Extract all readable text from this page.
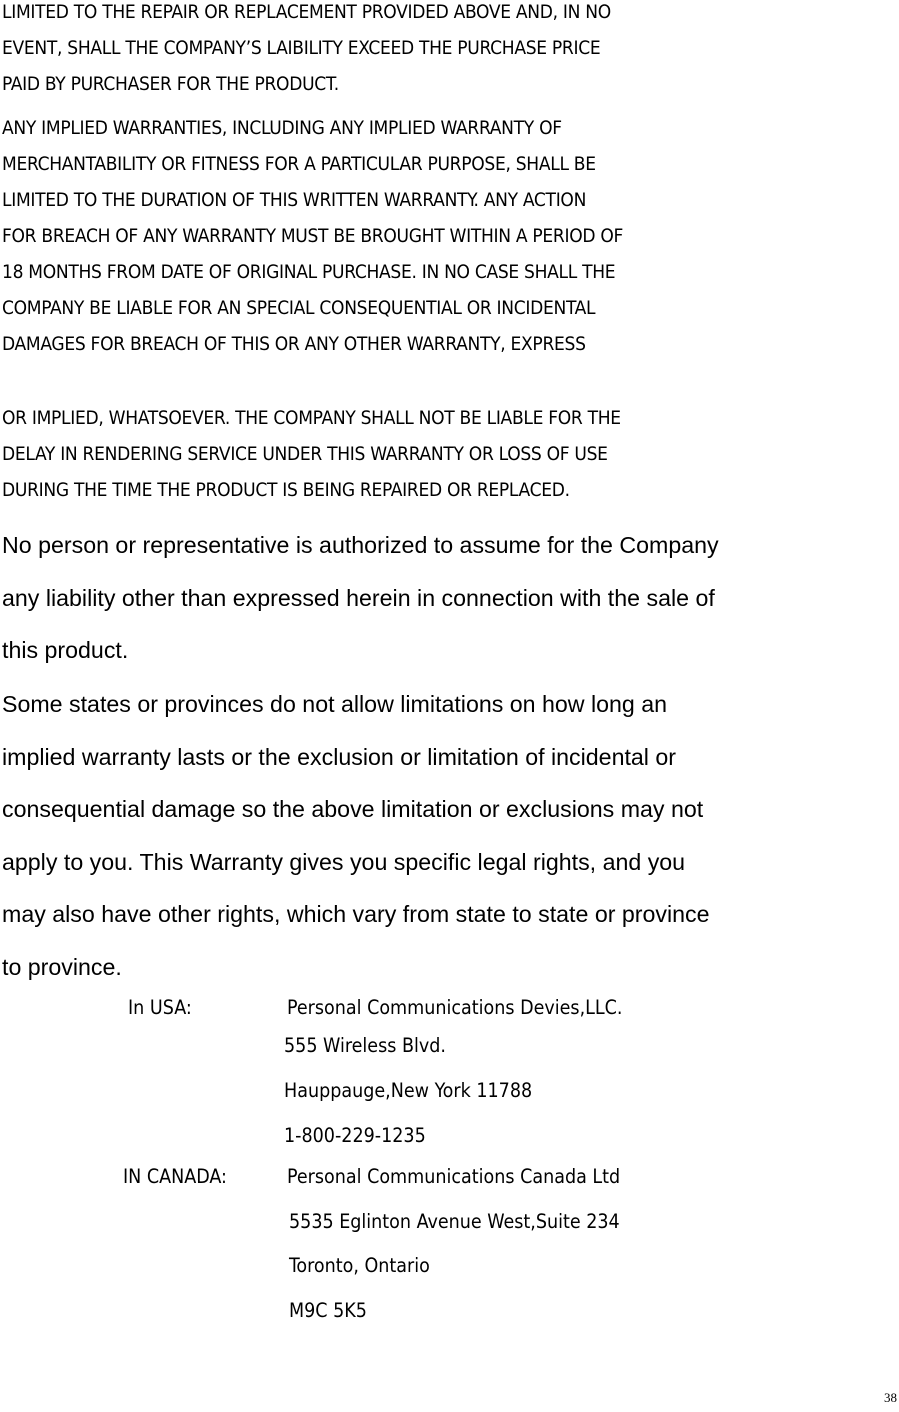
LIMITED TO THE REPAIR OR REPLACEMENT PROVIDED ABOVE AND, IN NO
EVENT, SHALL THE COMPANY’S LAIBILITY EXCEED THE PURCHASE PRICE
PAID BY PURCHASER FOR THE PRODUCT.
ANY IMPLIED WARRANTIES, INCLUDING ANY IMPLIED WARRANTY OF
MERCHANTABILITY OR FITNESS FOR A PARTICULAR PURPOSE, SHALL BE
LIMITED TO THE DURATION OF THIS WRITTEN WARRANTY. ANY ACTION
FOR BREACH OF ANY WARRANTY MUST BE BROUGHT WITHIN A PERIOD OF
18 MONTHS FROM DATE OF ORIGINAL PURCHASE. IN NO CASE SHALL THE
COMPANY BE LIABLE FOR AN SPECIAL CONSEQUENTIAL OR INCIDENTAL
DAMAGES FOR BREACH OF THIS OR ANY OTHER WARRANTY, EXPRESS
OR IMPLIED, WHATSOEVER. THE COMPANY SHALL NOT BE LIABLE FOR THE
DELAY IN RENDERING SERVICE UNDER THIS WARRANTY OR LOSS OF USE
DURING THE TIME THE PRODUCT IS BEING REPAIRED OR REPLACED.
No person or representative is authorized to assume for the Company
any liability other than expressed herein in connection with the sale of
this product.
Some states or provinces do not allow limitations on how long an
implied warranty lasts or the exclusion or limitation of incidental or
consequential damage so the above limitation or exclusions may not
apply to you. This Warranty gives you specific legal rights, and you
may also have other rights, which vary from state to state or province
to province.
In USA:	Personal Communications Devies,LLC.
555 Wireless Blvd.
Hauppauge,New York 11788
1-800-229-1235
IN CANADA:	Personal Communications Canada Ltd
5535 Eglinton Avenue West,Suite 234
Toronto, Ontario
M9C 5K5
38
